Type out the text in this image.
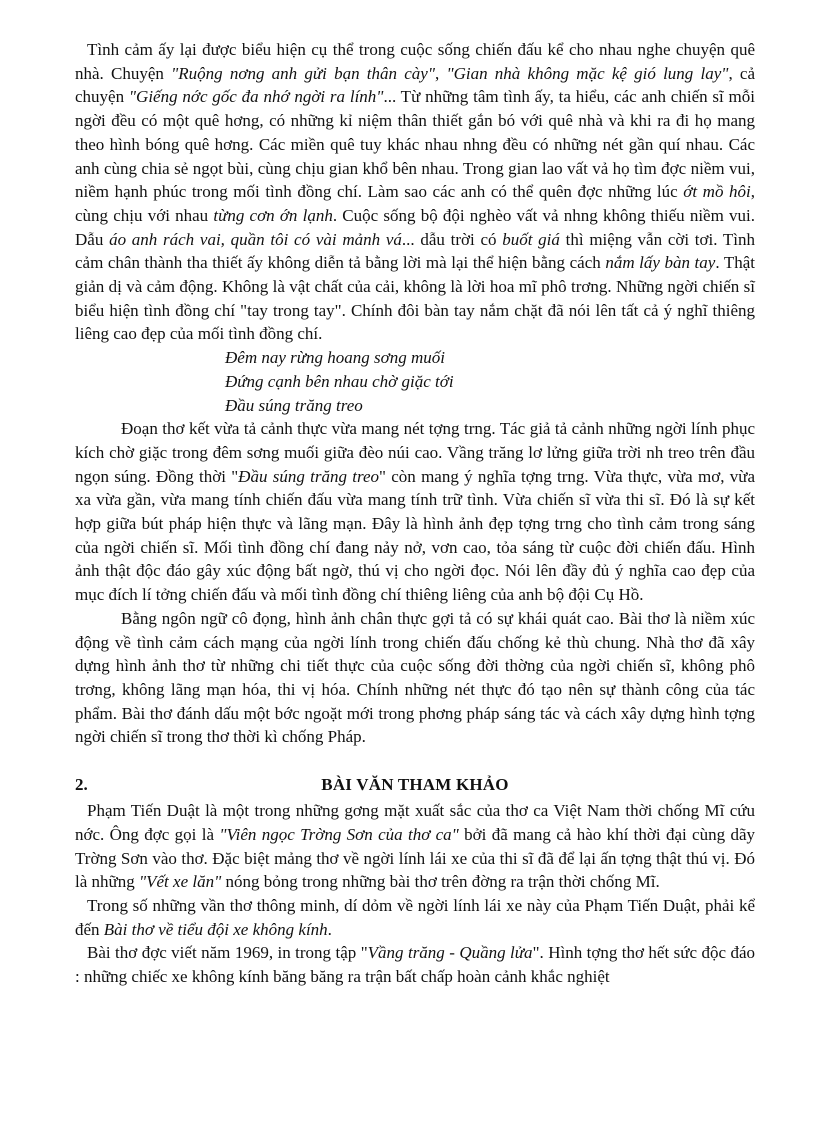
Tình cảm ấy lại được biểu hiện cụ thể trong cuộc sống chiến đấu kể cho nhau nghe chuyện quê nhà. Chuyện "Ruộng nơng anh gửi bạn thân cày", "Gian nhà không mặc kệ gió lung lay", cả chuyện "Giếng nớc gốc đa nhớ ngời ra lính"... Từ những tâm tình ấy, ta hiểu, các anh chiến sĩ mỗi ngời đều có một quê hơng, có những kỉ niệm thân thiết gắn bó với quê nhà và khi ra đi họ mang theo hình bóng quê hơng. Các miền quê tuy khác nhau nhng đều có những nét gần quí nhau. Các anh cùng chia sẻ ngọt bùi, cùng chịu gian khổ bên nhau. Trong gian lao vất vả họ tìm đợc niềm vui, niềm hạnh phúc trong mối tình đồng chí. Làm sao các anh có thể quên đợc những lúc ớt mồ hôi, cùng chịu với nhau từng cơn ớn lạnh. Cuộc sống bộ đội nghèo vất vả nhng không thiếu niềm vui. Dẫu áo anh rách vai, quần tôi có vài mảnh vá... dẫu trời có buốt giá thì miệng vẫn cời tơi. Tình cảm chân thành tha thiết ấy không diễn tả bằng lời mà lại thể hiện bằng cách nắm lấy bàn tay. Thật giản dị và cảm động. Không là vật chất của cải, không là lời hoa mĩ phô trơng. Những ngời chiến sĩ biểu hiện tình đồng chí "tay trong tay". Chính đôi bàn tay nắm chặt đã nói lên tất cả ý nghĩ thiêng liêng cao đẹp của mối tình đồng chí.

Đêm nay rừng hoang sơng muối
Đứng cạnh bên nhau chờ giặc tới
Đầu súng trăng treo

Đoạn thơ kết vừa tả cảnh thực vừa mang nét tợng trng. Tác giả tả cảnh những ngời lính phục kích chờ giặc trong đêm sơng muối giữa đèo núi cao. Vầng trăng lơ lửng giữa trời nh treo trên đầu ngọn súng. Đồng thời "Đầu súng trăng treo" còn mang ý nghĩa tợng trng. Vừa thực, vừa mơ, vừa xa vừa gần, vừa mang tính chiến đấu vừa mang tính trữ tình. Vừa chiến sĩ vừa thi sĩ. Đó là sự kết hợp giữa bút pháp hiện thực và lãng mạn. Đây là hình ảnh đẹp tợng trng cho tình cảm trong sáng của ngời chiến sĩ. Mối tình đồng chí đang nảy nở, vơn cao, tỏa sáng từ cuộc đời chiến đấu. Hình ảnh thật độc đáo gây xúc động bất ngờ, thú vị cho ngời đọc. Nói lên đầy đủ ý nghĩa cao đẹp của mục đích lí tởng chiến đấu và mối tình đồng chí thiêng liêng của anh bộ đội Cụ Hồ.

Bằng ngôn ngữ cô đọng, hình ảnh chân thực gợi tả có sự khái quát cao. Bài thơ là niềm xúc động về tình cảm cách mạng của ngời lính trong chiến đấu chống kẻ thù chung. Nhà thơ đã xây dựng hình ảnh thơ từ những chi tiết thực của cuộc sống đời thờng của ngời chiến sĩ, không phô trơng, không lãng mạn hóa, thi vị hóa. Chính những nét thực đó tạo nên sự thành công của tác phẩm. Bài thơ đánh dấu một bớc ngoặt mới trong phơng pháp sáng tác và cách xây dựng hình tợng ngời chiến sĩ trong thơ thời kì chống Pháp.

2.	BÀI VĂN THAM KHẢO

Phạm Tiến Duật là một trong những gơng mặt xuất sắc của thơ ca Việt Nam thời chống Mĩ cứu nớc. Ông đợc gọi là "Viên ngọc Trờng Sơn của thơ ca" bởi đã mang cả hào khí thời đại cùng dãy Trờng Sơn vào thơ. Đặc biệt mảng thơ về ngời lính lái xe của thi sĩ đã để lại ấn tợng thật thú vị. Đó là những "Vết xe lăn" nóng bỏng trong những bài thơ trên đờng ra trận thời chống Mĩ.

Trong số những vần thơ thông minh, dí dỏm về ngời lính lái xe này của Phạm Tiến Duật, phải kể đến Bài thơ về tiểu đội xe không kính.

Bài thơ đợc viết năm 1969, in trong tập "Vầng trăng - Quầng lửa". Hình tợng thơ hết sức độc đáo : những chiếc xe không kính băng băng ra trận bất chấp hoàn cảnh khắc nghiệt
